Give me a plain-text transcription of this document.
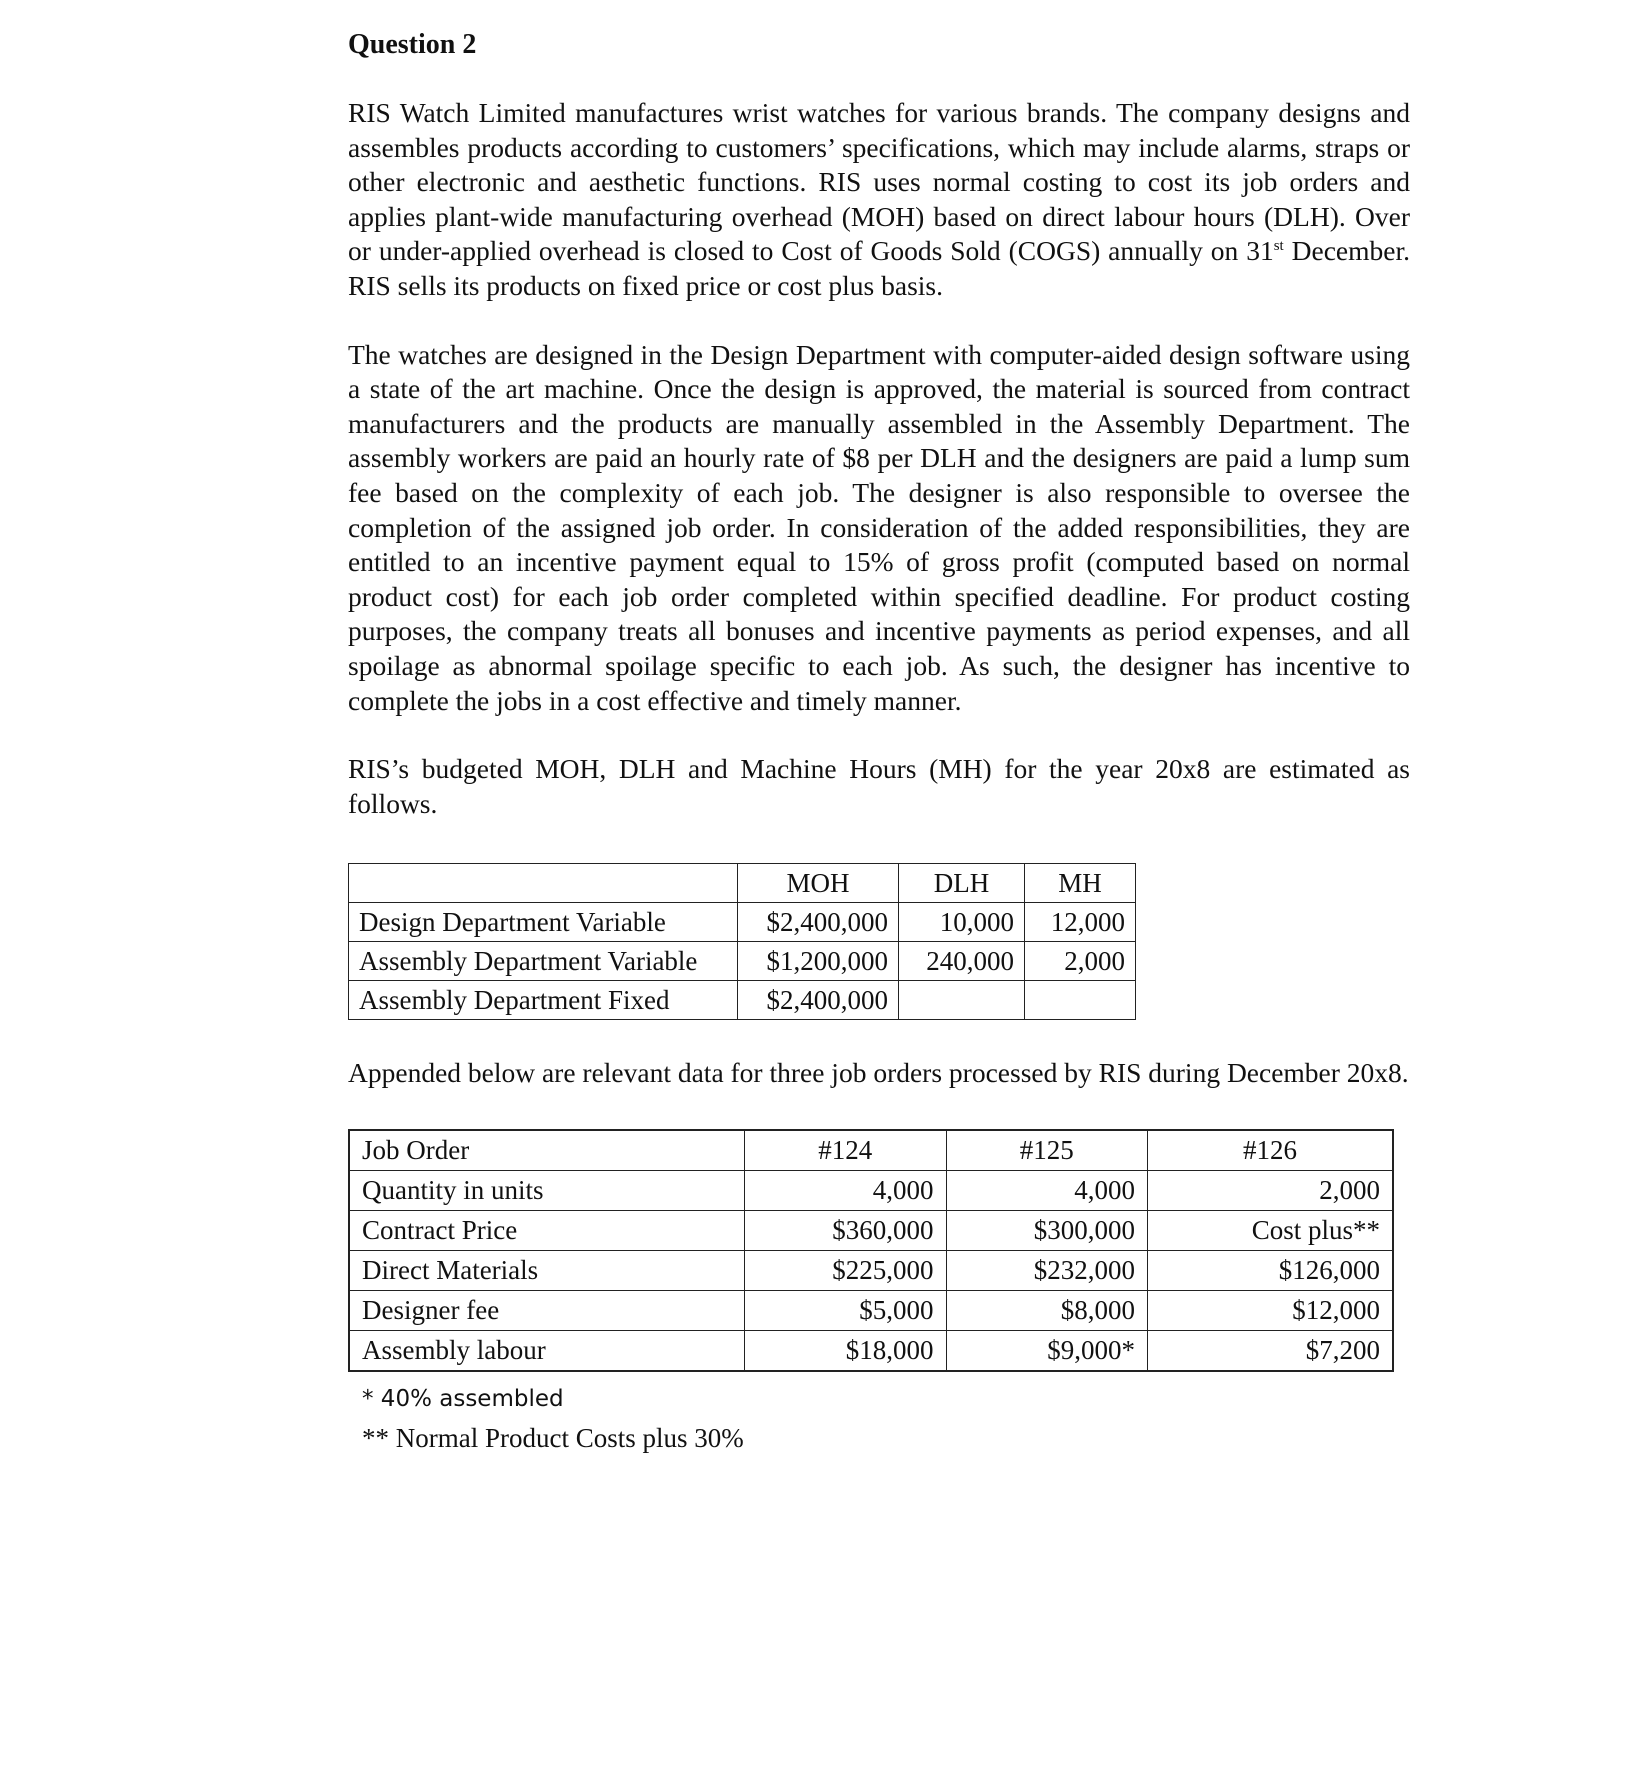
Question 2

RIS Watch Limited manufactures wrist watches for various brands. The company designs and assembles products according to customers’ specifications, which may include alarms, straps or other electronic and aesthetic functions. RIS uses normal costing to cost its job orders and applies plant-wide manufacturing overhead (MOH) based on direct labour hours (DLH). Over or under-applied overhead is closed to Cost of Goods Sold (COGS) annually on 31st December. RIS sells its products on fixed price or cost plus basis.

The watches are designed in the Design Department with computer-aided design software using a state of the art machine. Once the design is approved, the material is sourced from contract manufacturers and the products are manually assembled in the Assembly Department. The assembly workers are paid an hourly rate of $8 per DLH and the designers are paid a lump sum fee based on the complexity of each job. The designer is also responsible to oversee the completion of the assigned job order. In consideration of the added responsibilities, they are entitled to an incentive payment equal to 15% of gross profit (computed based on normal product cost) for each job order completed within specified deadline. For product costing purposes, the company treats all bonuses and incentive payments as period expenses, and all spoilage as abnormal spoilage specific to each job. As such, the designer has incentive to complete the jobs in a cost effective and timely manner.

RIS’s budgeted MOH, DLH and Machine Hours (MH) for the year 20x8 are estimated as follows.

	MOH	DLH	MH
Design Department Variable	$2,400,000	10,000	12,000
Assembly Department Variable	$1,200,000	240,000	2,000
Assembly Department Fixed	$2,400,000		

Appended below are relevant data for three job orders processed by RIS during December 20x8.

Job Order	#124	#125	#126
Quantity in units	4,000	4,000	2,000
Contract Price	$360,000	$300,000	Cost plus**
Direct Materials	$225,000	$232,000	$126,000
Designer fee	$5,000	$8,000	$12,000
Assembly labour	$18,000	$9,000*	$7,200
* 40% assembled
** Normal Product Costs plus 30%
